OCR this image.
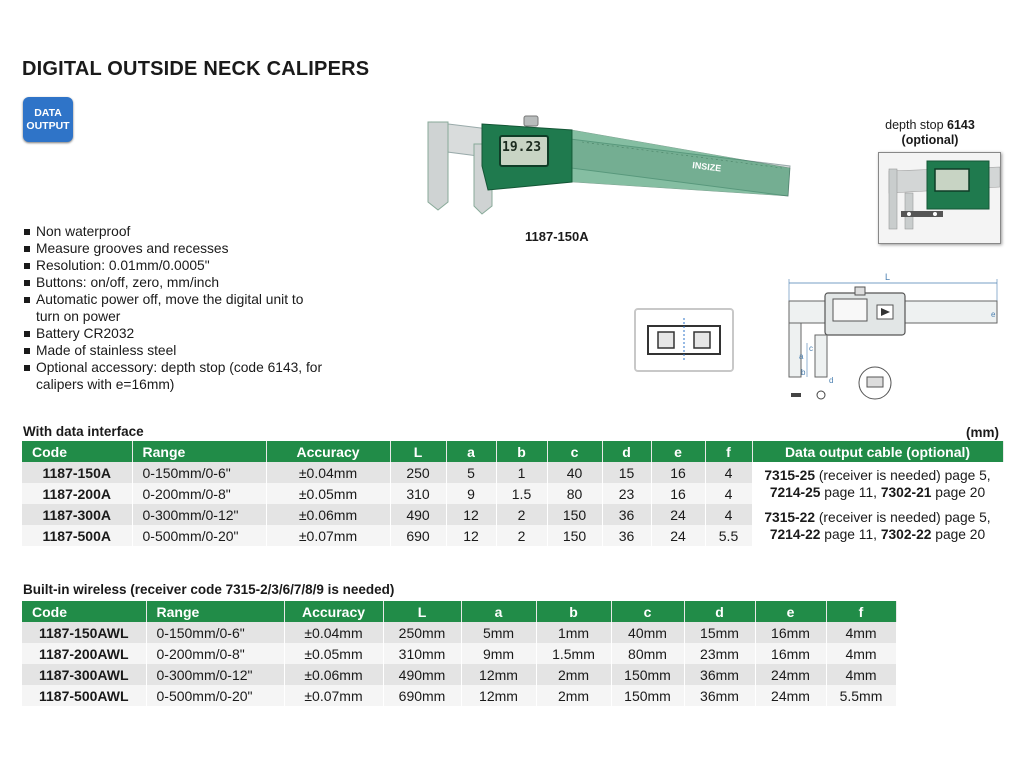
DIGITAL OUTSIDE NECK CALIPERS
DATA
OUTPUT
INSIZE
19.23
1187-150A
depth stop 6143
(optional)
L
c
a
b
d
e
Non waterproof
Measure grooves and recesses
Resolution: 0.01mm/0.0005"
Buttons: on/off, zero, mm/inch
Automatic power off, move the digital unit to turn on power
Battery CR2032
Made of stainless steel
Optional accessory: depth stop (code 6143, for calipers with e=16mm)
With data interface	(mm)
Code	Range	Accuracy	L	a	b	c	d	e	f	Data output cable (optional)
1187-150A	0-150mm/0-6"	±0.04mm	250	5	1	40	15	16	4	7315-25 (receiver is needed) page 5,
7214-25 page 11, 7302-21 page 20
1187-200A	0-200mm/0-8"	±0.05mm	310	9	1.5	80	23	16	4	
1187-300A	0-300mm/0-12"	±0.06mm	490	12	2	150	36	24	4	7315-22 (receiver is needed) page 5,
7214-22 page 11, 7302-22 page 20
1187-500A	0-500mm/0-20"	±0.07mm	690	12	2	150	36	24	5.5	
Built-in wireless (receiver code 7315-2/3/6/7/8/9 is needed)
Code	Range	Accuracy	L	a	b	c	d	e	f
1187-150AWL	0-150mm/0-6"	±0.04mm	250mm	5mm	1mm	40mm	15mm	16mm	4mm
1187-200AWL	0-200mm/0-8"	±0.05mm	310mm	9mm	1.5mm	80mm	23mm	16mm	4mm
1187-300AWL	0-300mm/0-12"	±0.06mm	490mm	12mm	2mm	150mm	36mm	24mm	4mm
1187-500AWL	0-500mm/0-20"	±0.07mm	690mm	12mm	2mm	150mm	36mm	24mm	5.5mm
